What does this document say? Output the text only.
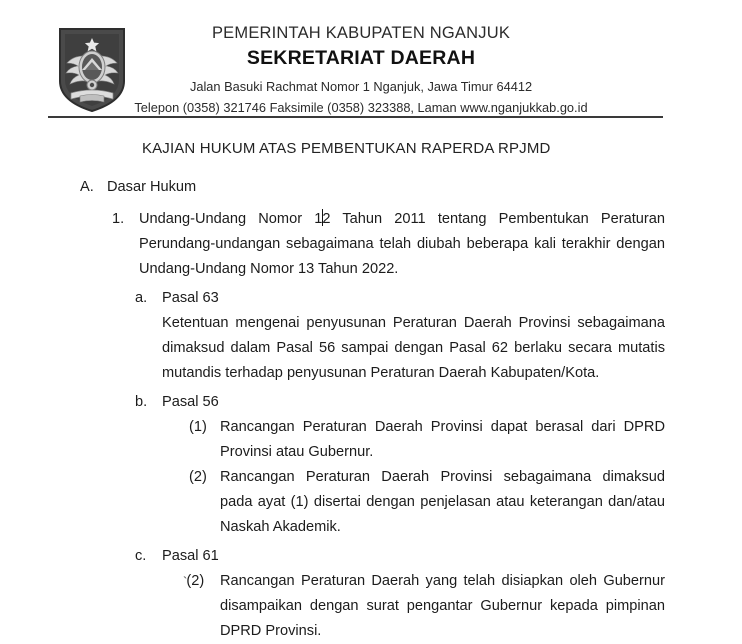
PEMERINTAH KABUPATEN NGANJUK
SEKRETARIAT DAERAH
Jalan Basuki Rachmat Nomor 1 Nganjuk, Jawa Timur 64412
Telepon (0358) 321746 Faksimile (0358) 323388, Laman www.nganjukkab.go.id
KAJIAN HUKUM ATAS PEMBENTUKAN RAPERDA RPJMD
A. Dasar Hukum
1.	Undang-Undang Nomor 12 Tahun 2011 tentang Pembentukan Peraturan Perundang-undangan sebagaimana telah diubah beberapa kali terakhir dengan Undang-Undang Nomor 13 Tahun 2022.
a.	Pasal 63
Ketentuan mengenai penyusunan Peraturan Daerah Provinsi sebagaimana dimaksud dalam Pasal 56 sampai dengan Pasal 62 berlaku secara mutatis mutandis terhadap penyusunan Peraturan Daerah Kabupaten/Kota.
b.	Pasal 56
(1) Rancangan Peraturan Daerah Provinsi dapat berasal dari DPRD Provinsi atau Gubernur.
(2) Rancangan Peraturan Daerah Provinsi sebagaimana dimaksud pada ayat (1) disertai dengan penjelasan atau keterangan dan/atau Naskah Akademik.
c.	Pasal 61
`(2)	Rancangan Peraturan Daerah yang telah disiapkan oleh Gubernur disampaikan dengan surat pengantar Gubernur kepada pimpinan DPRD Provinsi.
